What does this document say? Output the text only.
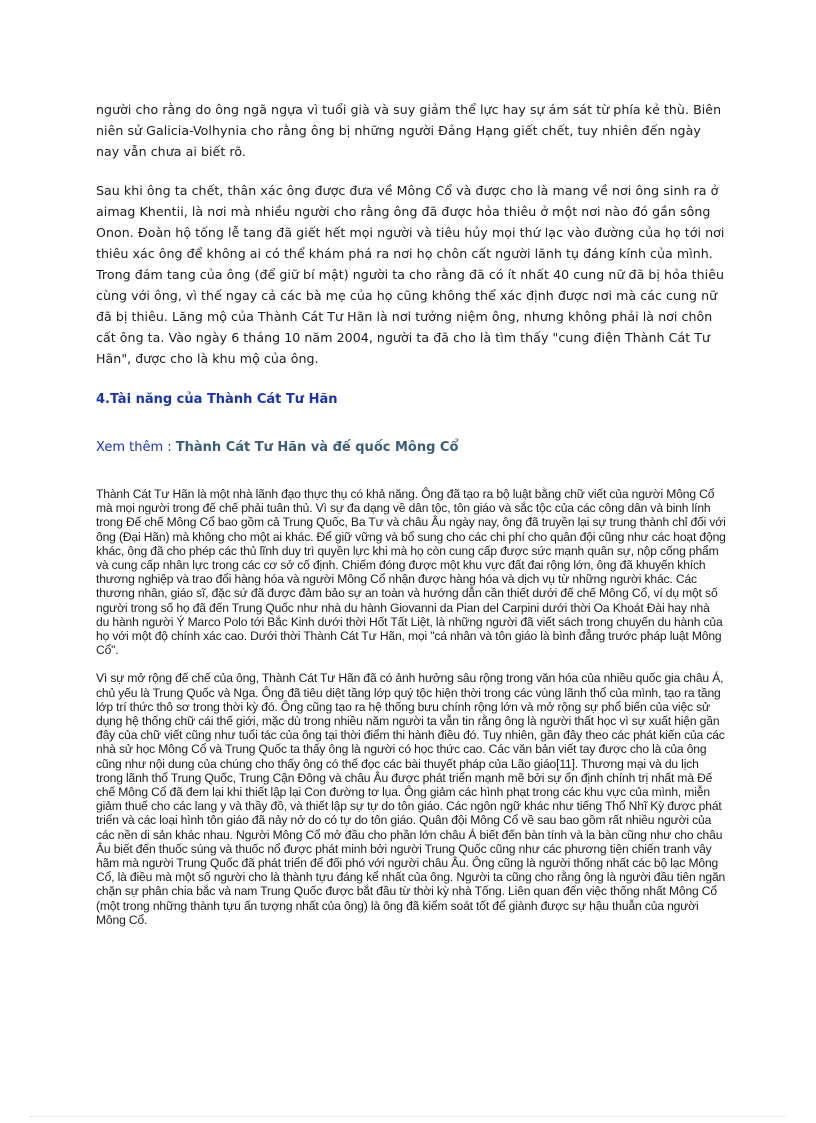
người cho rằng do ông ngã ngựa vì tuổi già và suy giảm thể lực hay sự ám sát từ phía kẻ thù. Biên niên sử Galicia-Volhynia cho rằng ông bị những người Đảng Hạng giết chết, tuy nhiên đến ngày nay vẫn chưa ai biết rõ.

Sau khi ông ta chết, thân xác ông được đưa về Mông Cổ và được cho là mang về nơi ông sinh ra ở aimag Khentii, là nơi mà nhiều người cho rằng ông đã được hỏa thiêu ở một nơi nào đó gần sông Onon. Đoàn hộ tống lễ tang đã giết hết mọi người và tiêu hủy mọi thứ lạc vào đường của họ tới nơi thiêu xác ông để không ai có thể khám phá ra nơi họ chôn cất người lãnh tụ đáng kính của mình. Trong đám tang của ông (để giữ bí mật) người ta cho rằng đã có ít nhất 40 cung nữ đã bị hỏa thiêu cùng với ông, vì thế ngay cả các bà mẹ của họ cũng không thể xác định được nơi mà các cung nữ đã bị thiêu. Lăng mộ của Thành Cát Tư Hãn là nơi tưởng niệm ông, nhưng không phải là nơi chôn cất ông ta. Vào ngày 6 tháng 10 năm 2004, người ta đã cho là tìm thấy "cung điện Thành Cát Tư Hãn", được cho là khu mộ của ông.

4.Tài năng của Thành Cát Tư Hãn
Xem thêm : Thành Cát Tư Hãn và đế quốc Mông Cổ

Thành Cát Tư Hãn là một nhà lãnh đạo thực thụ có khả năng. Ông đã tạo ra bộ luật bằng chữ viết của người Mông Cổ mà mọi người trong đế chế phải tuân thủ. Vì sự đa dạng về dân tộc, tôn giáo và sắc tộc của các công dân và binh lính trong Đế chế Mông Cổ bao gồm cả Trung Quốc, Ba Tư và châu Âu ngày nay, ông đã truyền lại sự trung thành chỉ đối với ông (Đại Hãn) mà không cho một ai khác. Để giữ vững và bổ sung cho các chi phí cho quân đội cũng như các hoạt động khác, ông đã cho phép các thủ lĩnh duy trì quyền lực khi mà họ còn cung cấp được sức mạnh quân sự, nộp cống phẩm và cung cấp nhân lực trong các cơ sở cố định. Chiếm đóng được một khu vực đất đai rộng lớn, ông đã khuyến khích thương nghiệp và trao đổi hàng hóa và người Mông Cổ nhận được hàng hóa và dịch vụ từ những người khác. Các thương nhân, giáo sĩ, đặc sứ đã được đảm bảo sự an toàn và hướng dẫn cần thiết dưới đế chế Mông Cổ, ví dụ một số người trong số họ đã đến Trung Quốc như nhà du hành Giovanni da Pian del Carpini dưới thời Oa Khoát Đài hay nhà du hành người Ý Marco Polo tới Bắc Kinh dưới thời Hốt Tất Liệt, là những người đã viết sách trong chuyến du hành của họ với một độ chính xác cao. Dưới thời Thành Cát Tư Hãn, mọi "cá nhân và tôn giáo là bình đẳng trước pháp luật Mông Cổ".

Vì sự mở rộng đế chế của ông, Thành Cát Tư Hãn đã có ảnh hưởng sâu rộng trong văn hóa của nhiều quốc gia châu Á, chủ yếu là Trung Quốc và Nga. Ông đã tiêu diệt tầng lớp quý tộc hiện thời trong các vùng lãnh thổ của mình, tạo ra tầng lớp trí thức thô sơ trong thời kỳ đó. Ông cũng tạo ra hệ thống bưu chính rộng lớn và mở rộng sự phổ biến của việc sử dụng hệ thống chữ cái thế giới, mặc dù trong nhiều năm người ta vẫn tin rằng ông là người thất học vì sự xuất hiện gần đây của chữ viết cũng như tuổi tác của ông tại thời điểm thi hành điều đó. Tuy nhiên, gần đây theo các phát kiến của các nhà sử học Mông Cổ và Trung Quốc ta thấy ông là người có học thức cao. Các văn bản viết tay được cho là của ông cũng như nội dung của chúng cho thấy ông có thể đọc các bài thuyết pháp của Lão giáo[11]. Thương mại và du lịch trong lãnh thổ Trung Quốc, Trung Cận Đông và châu Âu được phát triển mạnh mẽ bởi sự ổn định chính trị nhất mà Đế chế Mông Cổ đã đem lại khi thiết lập lại Con đường tơ lụa. Ông giảm các hình phạt trong các khu vực của mình, miễn giảm thuế cho các lang y và thầy đồ, và thiết lập sự tự do tôn giáo. Các ngôn ngữ khác như tiếng Thổ Nhĩ Kỳ được phát triển và các loại hình tôn giáo đã nảy nở do có tự do tôn giáo. Quân đội Mông Cổ về sau bao gồm rất nhiều người của các nền di sản khác nhau. Người Mông Cổ mở đầu cho phần lớn châu Á biết đến bàn tính và la bàn cũng như cho châu Âu biết đến thuốc súng và thuốc nổ được phát minh bởi người Trung Quốc cũng như các phương tiện chiến tranh vây hãm mà người Trung Quốc đã phát triển để đối phó với người châu Âu. Ông cũng là người thống nhất các bộ lạc Mông Cổ, là điều mà một số người cho là thành tựu đáng kể nhất của ông. Người ta cũng cho rằng ông là người đầu tiên ngăn chặn sự phân chia bắc và nam Trung Quốc được bắt đầu từ thời kỳ nhà Tống. Liên quan đến việc thống nhất Mông Cổ (một trong những thành tựu ấn tượng nhất của ông) là ông đã kiểm soát tốt để giành được sự hậu thuẫn của người Mông Cổ.
